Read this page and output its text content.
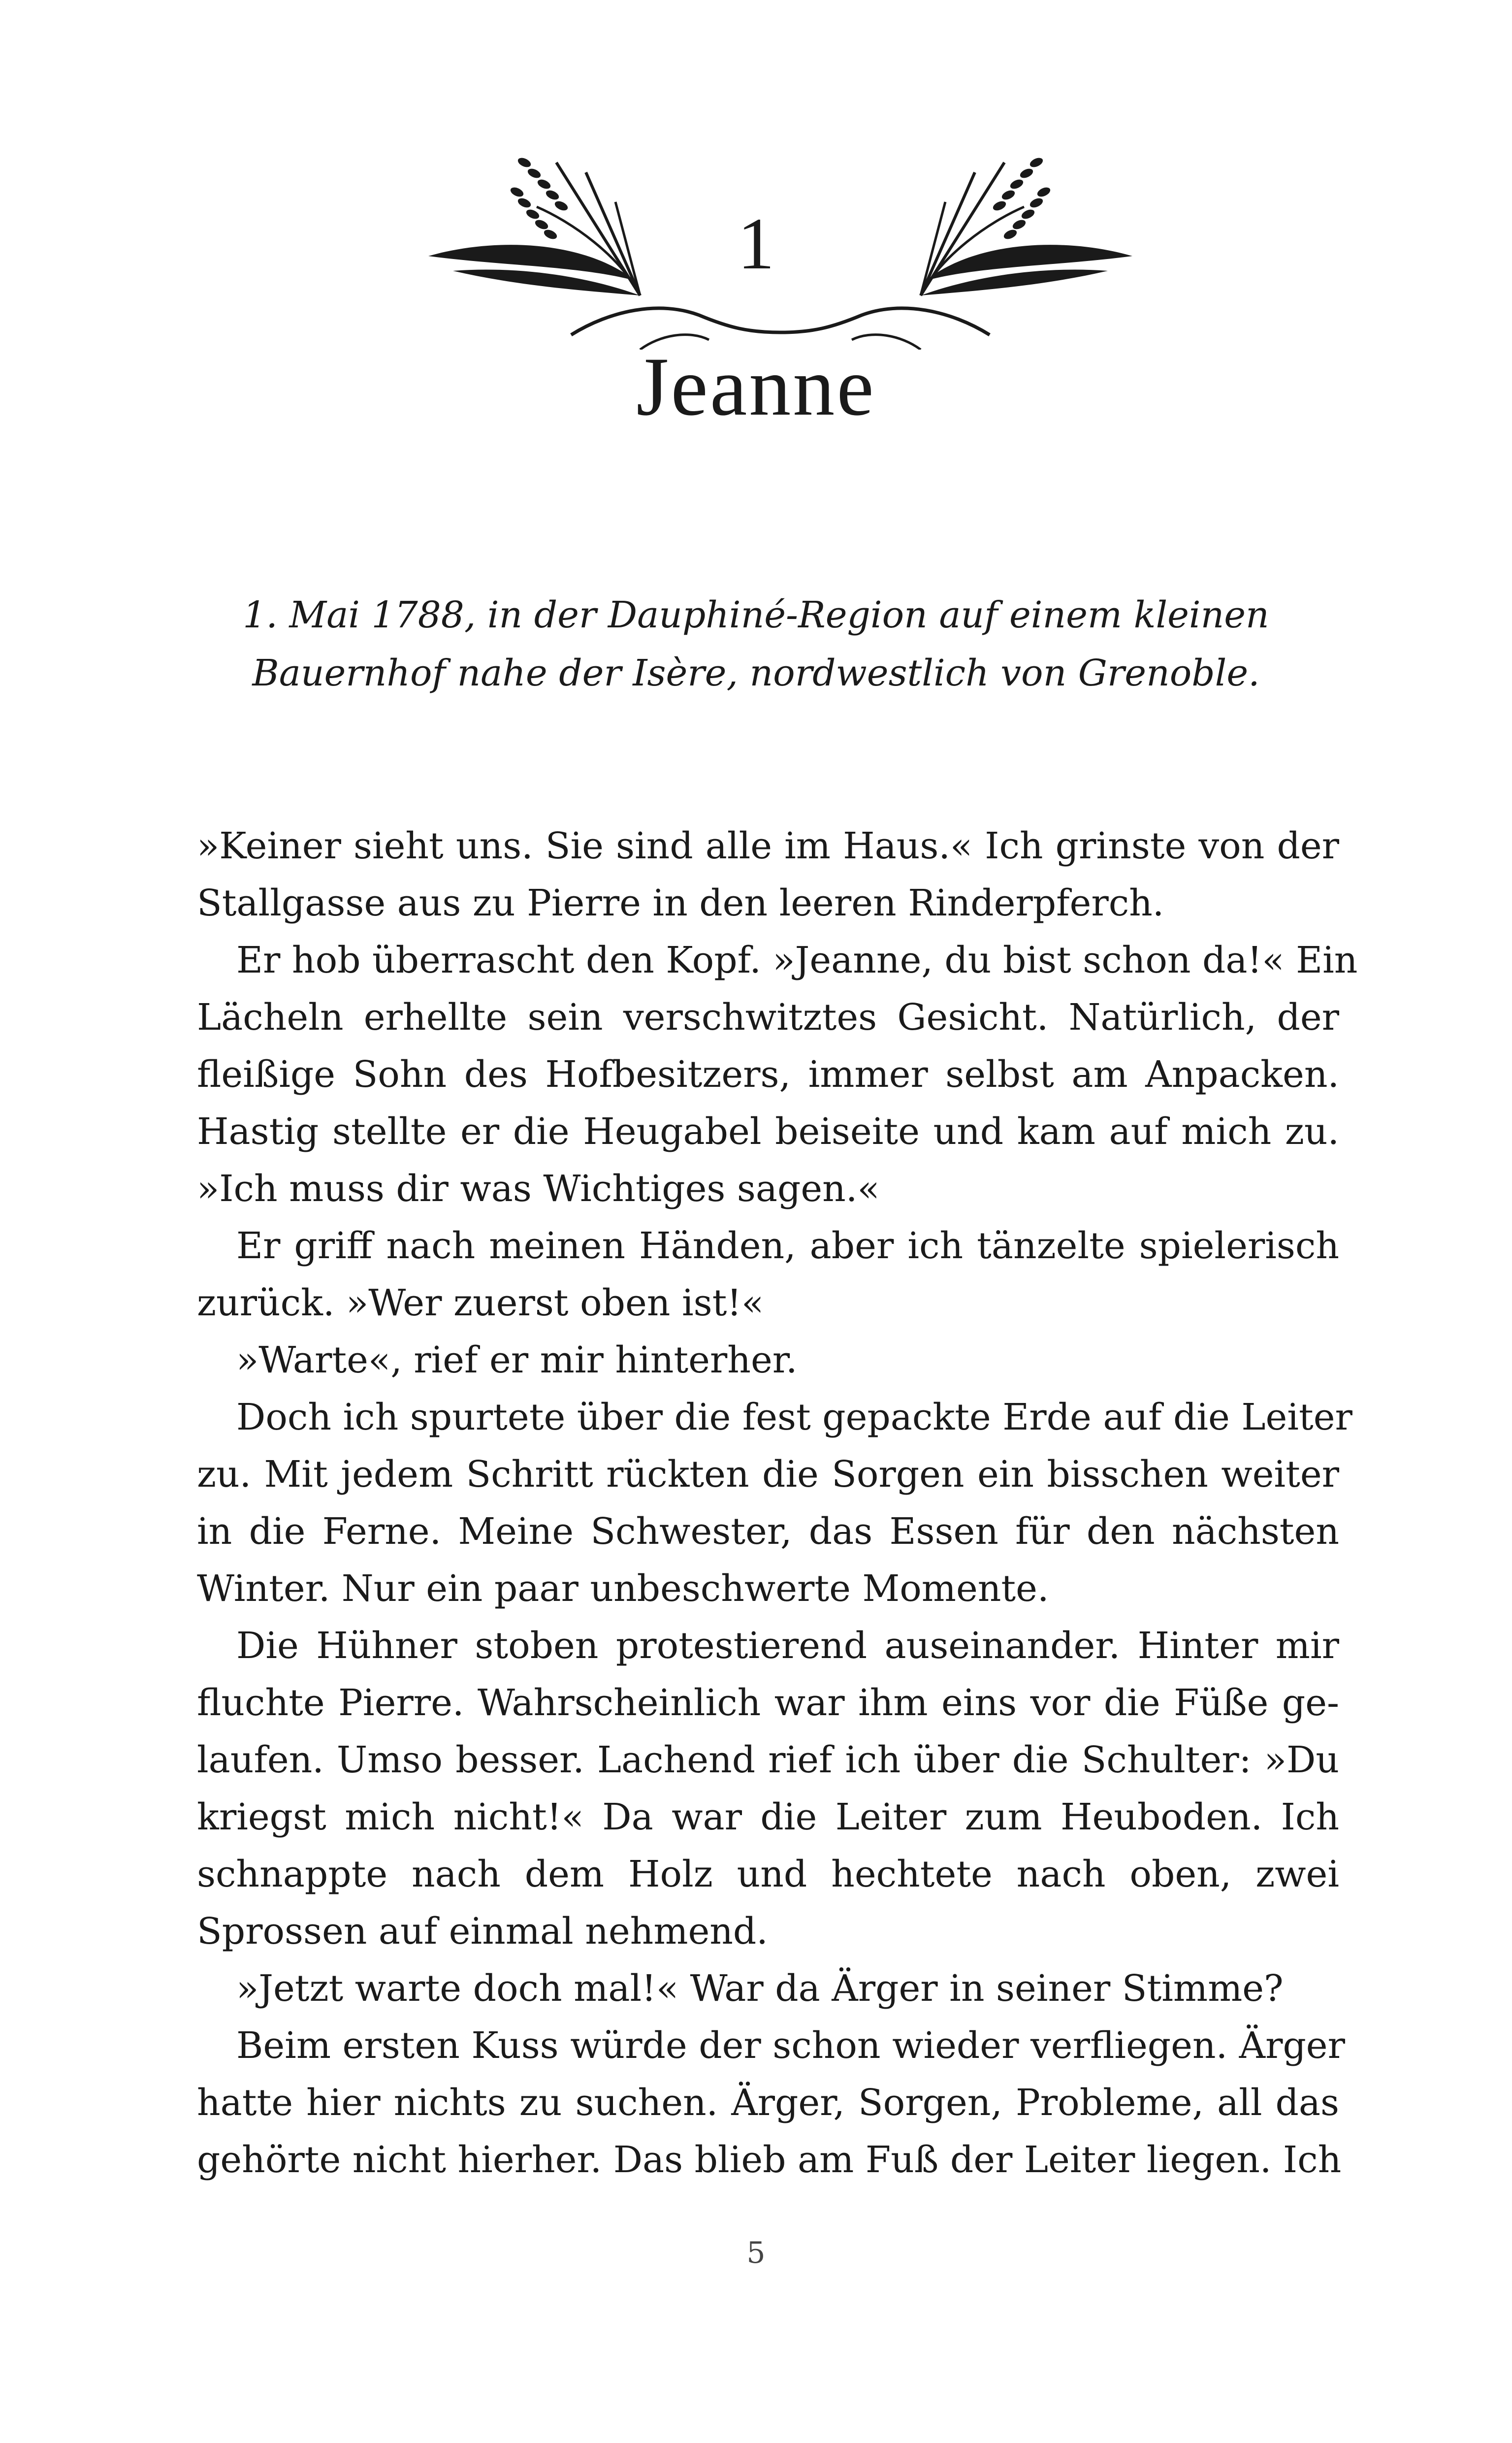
1
Jeanne
1. Mai 1788, in der Dauphiné-Region auf einem kleinen
Bauernhof nahe der Isère, nordwestlich von Grenoble.
»Keiner sieht uns. Sie sind alle im Haus.« Ich grinste von der
Stallgasse aus zu Pierre in den leeren Rinderpferch.
Er hob überrascht den Kopf. »Jeanne, du bist schon da!« Ein
Lächeln erhellte sein verschwitztes Gesicht. Natürlich, der
fleißige Sohn des Hofbesitzers, immer selbst am Anpacken.
Hastig stellte er die Heugabel beiseite und kam auf mich zu.
»Ich muss dir was Wichtiges sagen.«
Er griff nach meinen Händen, aber ich tänzelte spielerisch
zurück. »Wer zuerst oben ist!«
»Warte«, rief er mir hinterher.
Doch ich spurtete über die fest gepackte Erde auf die Leiter
zu. Mit jedem Schritt rückten die Sorgen ein bisschen weiter
in die Ferne. Meine Schwester, das Essen für den nächsten
Winter. Nur ein paar unbeschwerte Momente.
Die Hühner stoben protestierend auseinander. Hinter mir
fluchte Pierre. Wahrscheinlich war ihm eins vor die Füße ge-
laufen. Umso besser. Lachend rief ich über die Schulter: »Du
kriegst mich nicht!« Da war die Leiter zum Heuboden. Ich
schnappte nach dem Holz und hechtete nach oben, zwei
Sprossen auf einmal nehmend.
»Jetzt warte doch mal!« War da Ärger in seiner Stimme?
Beim ersten Kuss würde der schon wieder verfliegen. Ärger
hatte hier nichts zu suchen. Ärger, Sorgen, Probleme, all das
gehörte nicht hierher. Das blieb am Fuß der Leiter liegen. Ich
5
